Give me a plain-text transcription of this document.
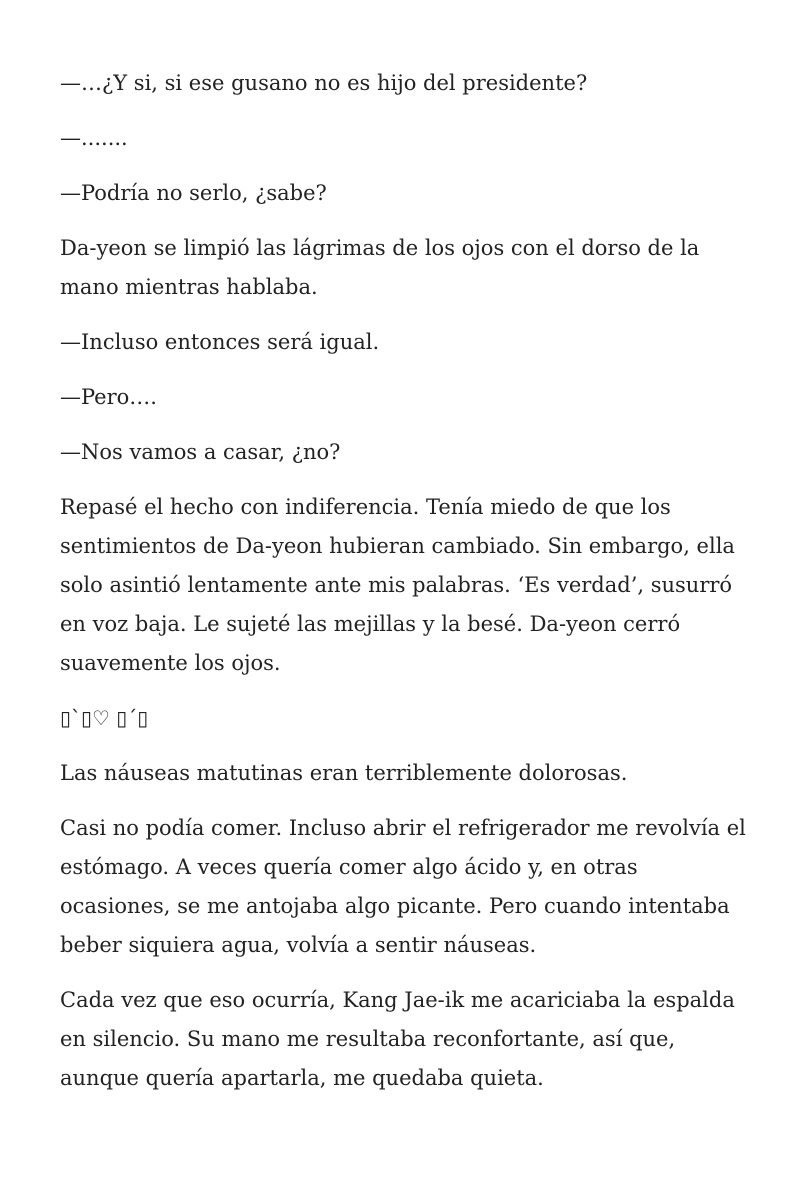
—…¿Y si, si ese gusano no es hijo del presidente?

—.......

—Podría no serlo, ¿sabe?

Da-yeon se limpió las lágrimas de los ojos con el dorso de la mano mientras hablaba.

—Incluso entonces será igual.

—Pero….

—Nos vamos a casar, ¿no?

Repasé el hecho con indiferencia. Tenía miedo de que los sentimientos de Da-yeon hubieran cambiado. Sin embargo, ella solo asintió lentamente ante mis palabras. ‘Es verdad’, susurró en voz baja. Le sujeté las mejillas y la besé. Da-yeon cerró suavemente los ojos.

▯`▯♡ ▯´▯

Las náuseas matutinas eran terriblemente dolorosas.

Casi no podía comer. Incluso abrir el refrigerador me revolvía el estómago. A veces quería comer algo ácido y, en otras ocasiones, se me antojaba algo picante. Pero cuando intentaba beber siquiera agua, volvía a sentir náuseas.

Cada vez que eso ocurría, Kang Jae-ik me acariciaba la espalda en silencio. Su mano me resultaba reconfortante, así que, aunque quería apartarla, me quedaba quieta.
